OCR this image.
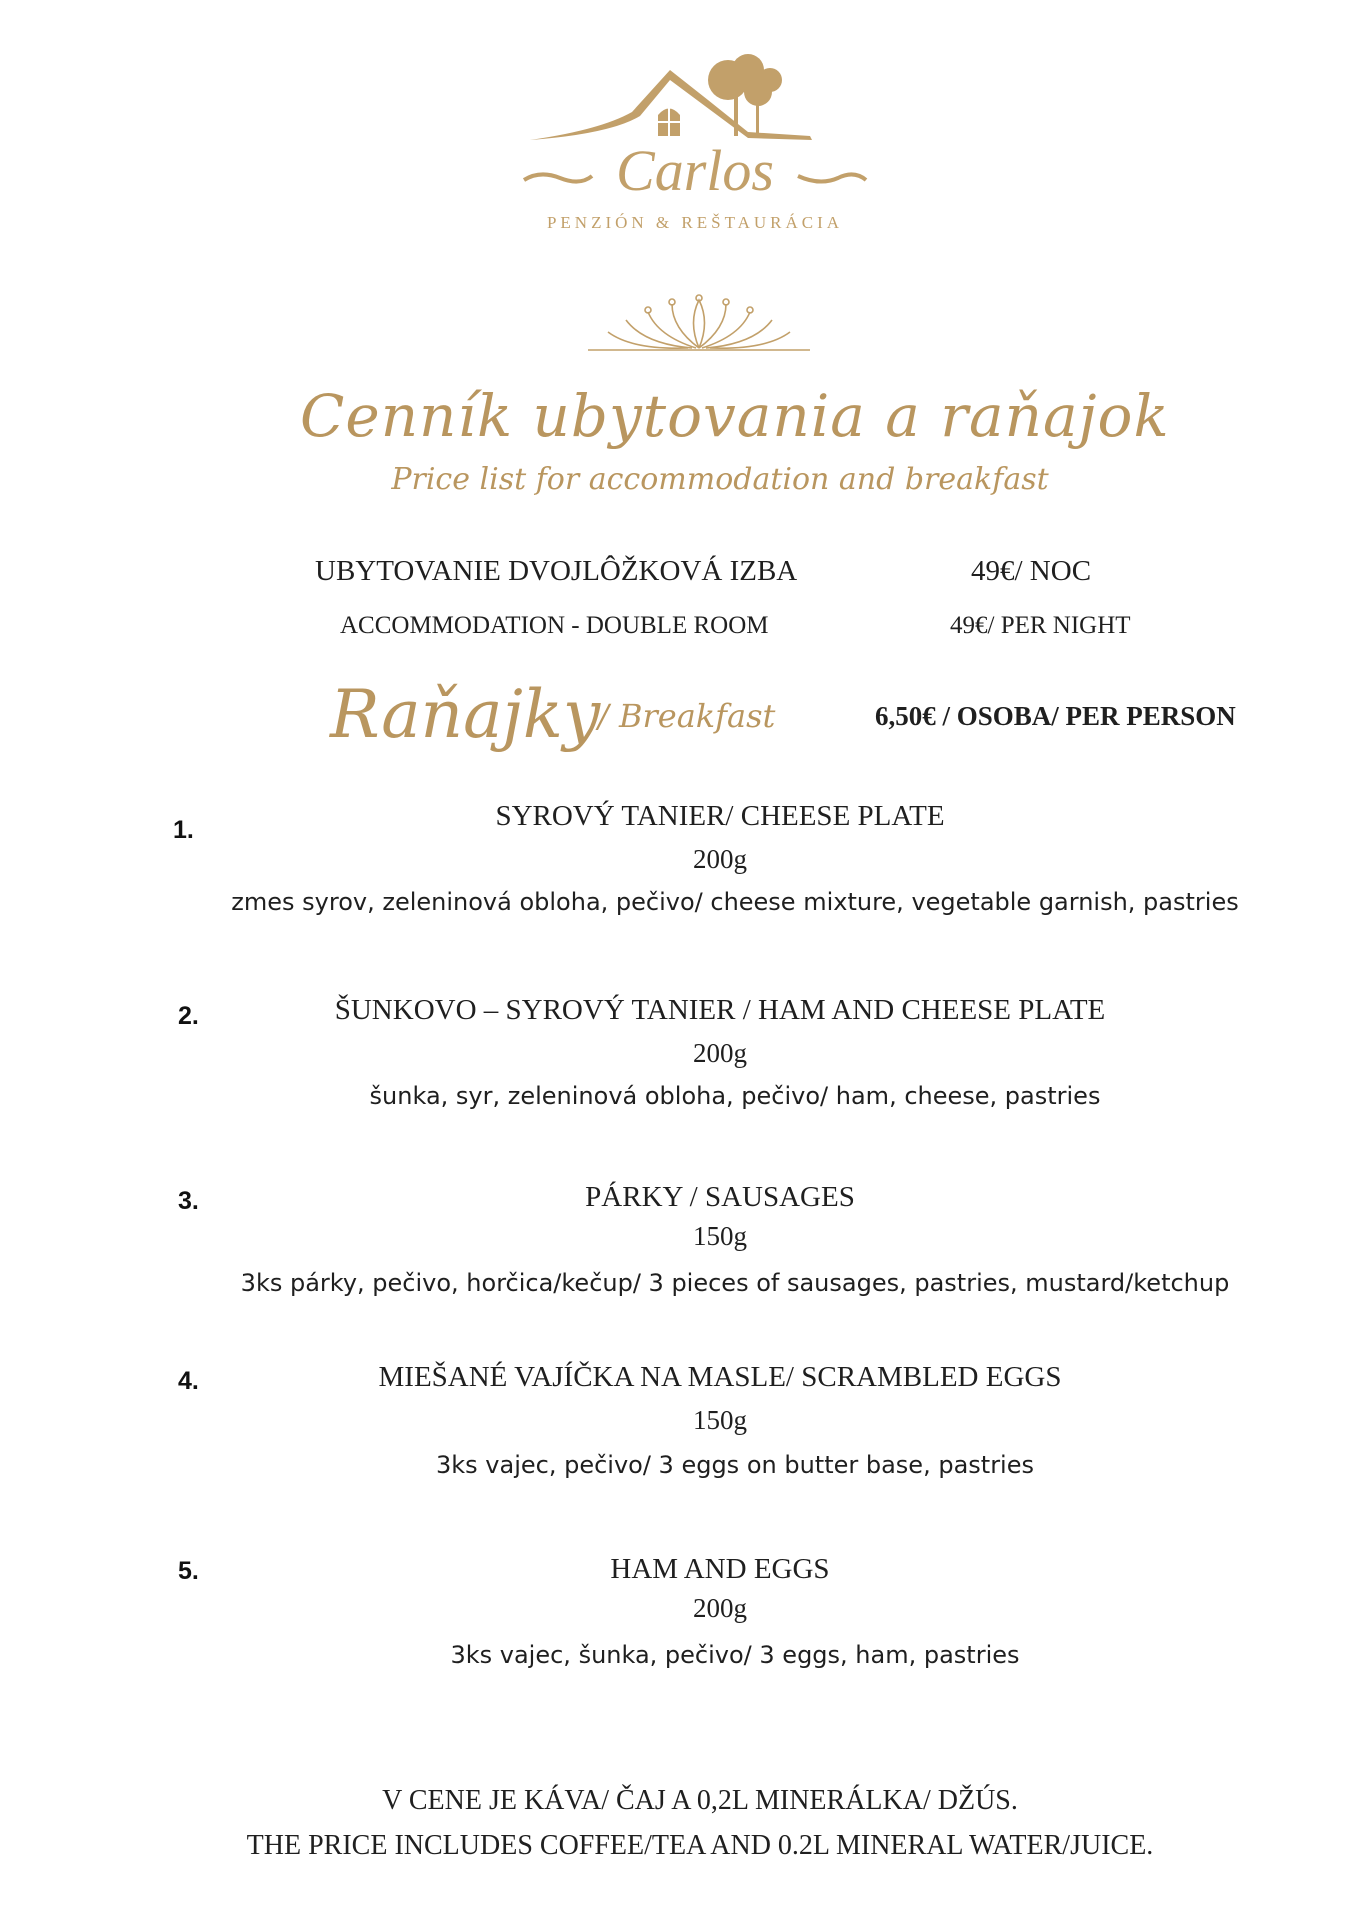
Carlos
PENZIÓN & REŠTAURÁCIA
Cenník ubytovania a raňajok
Price list for accommodation and breakfast
UBYTOVANIE DVOJLÔŽKOVÁ IZBA
ACCOMMODATION - DOUBLE ROOM
49€/ NOC
49€/ PER NIGHT
Raňajky
/ Breakfast	6,50€ / OSOBA/ PER PERSON
1.	SYROVÝ TANIER/ CHEESE PLATE
200g
zmes syrov, zeleninová obloha, pečivo/ cheese mixture, vegetable garnish, pastries
2.	ŠUNKOVO – SYROVÝ TANIER / HAM AND CHEESE PLATE
200g
šunka, syr, zeleninová obloha, pečivo/ ham, cheese, pastries
3.	PÁRKY / SAUSAGES
150g
3ks párky, pečivo, horčica/kečup/ 3 pieces of sausages, pastries, mustard/ketchup
4.	MIEŠANÉ VAJÍČKA NA MASLE/ SCRAMBLED EGGS
150g
3ks vajec, pečivo/ 3 eggs on butter base, pastries
5.	HAM AND EGGS
200g
3ks vajec, šunka, pečivo/ 3 eggs, ham, pastries
V CENE JE KÁVA/ ČAJ A 0,2L MINERÁLKA/ DŽÚS.
THE PRICE INCLUDES COFFEE/TEA AND 0.2L MINERAL WATER/JUICE.
